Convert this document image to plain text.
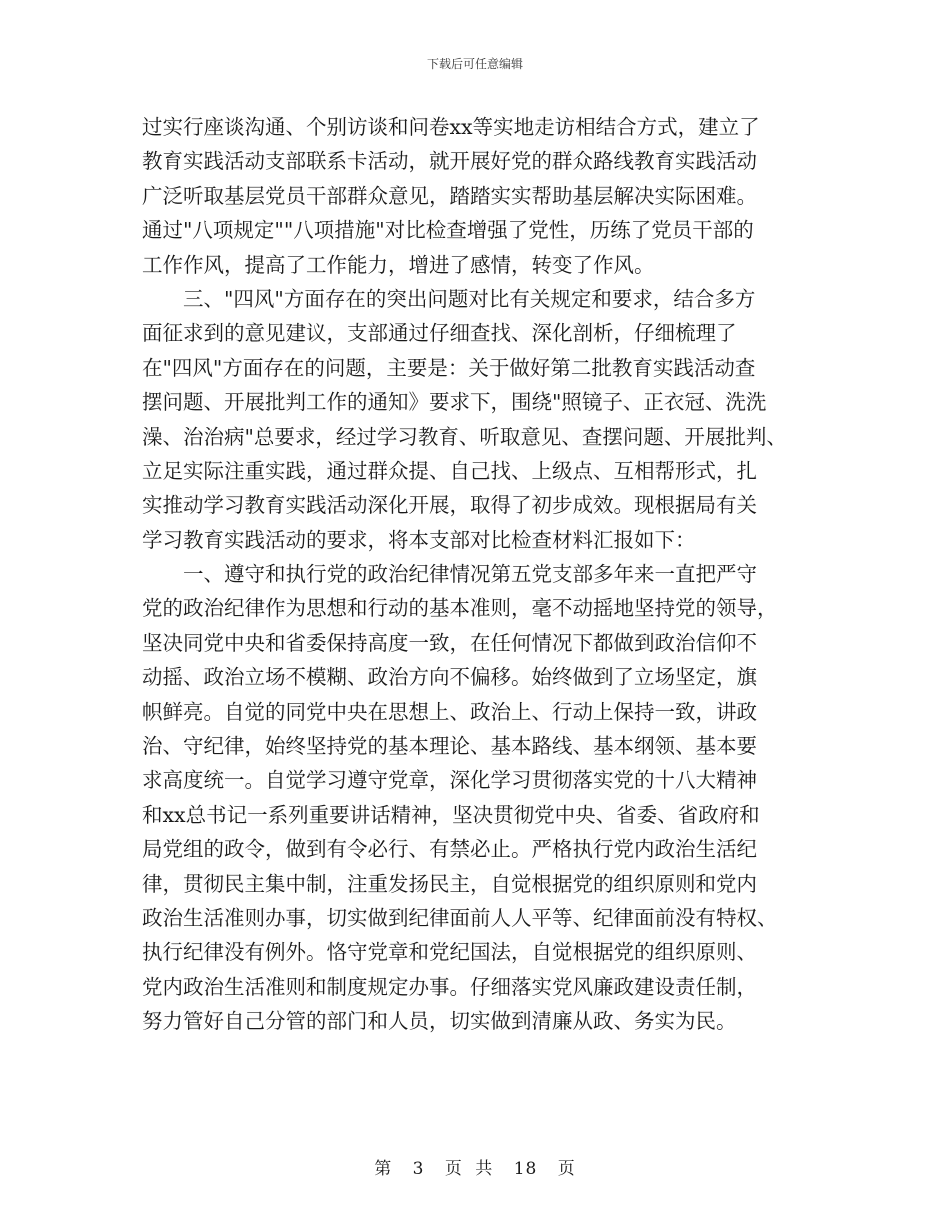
下载后可任意编辑
过实行座谈沟通、个别访谈和问卷xx等实地走访相结合方式，建立了
教育实践活动支部联系卡活动，就开展好党的群众路线教育实践活动
广泛听取基层党员干部群众意见，踏踏实实帮助基层解决实际困难。
通过"八项规定""八项措施"对比检查增强了党性，历练了党员干部的
工作作风，提高了工作能力，增进了感情，转变了作风。
三、"四风"方面存在的突出问题对比有关规定和要求，结合多方
面征求到的意见建议，支部通过仔细查找、深化剖析，仔细梳理了
在"四风"方面存在的问题，主要是：关于做好第二批教育实践活动查
摆问题、开展批判工作的通知》要求下，围绕"照镜子、正衣冠、洗洗
澡、治治病"总要求，经过学习教育、听取意见、查摆问题、开展批判、
立足实际注重实践，通过群众提、自己找、上级点、互相帮形式，扎
实推动学习教育实践活动深化开展，取得了初步成效。现根据局有关
学习教育实践活动的要求，将本支部对比检查材料汇报如下：
一、遵守和执行党的政治纪律情况第五党支部多年来一直把严守
党的政治纪律作为思想和行动的基本准则，毫不动摇地坚持党的领导，
坚决同党中央和省委保持高度一致，在任何情况下都做到政治信仰不
动摇、政治立场不模糊、政治方向不偏移。始终做到了立场坚定，旗
帜鲜亮。自觉的同党中央在思想上、政治上、行动上保持一致，讲政
治、守纪律，始终坚持党的基本理论、基本路线、基本纲领、基本要
求高度统一。自觉学习遵守党章，深化学习贯彻落实党的十八大精神
和xx总书记一系列重要讲话精神，坚决贯彻党中央、省委、省政府和
局党组的政令，做到有令必行、有禁必止。严格执行党内政治生活纪
律，贯彻民主集中制，注重发扬民主，自觉根据党的组织原则和党内
政治生活准则办事，切实做到纪律面前人人平等、纪律面前没有特权、
执行纪律没有例外。恪守党章和党纪国法，自觉根据党的组织原则、
党内政治生活准则和制度规定办事。仔细落实党风廉政建设责任制，
努力管好自己分管的部门和人员，切实做到清廉从政、务实为民。
第 3 页 共 18 页
